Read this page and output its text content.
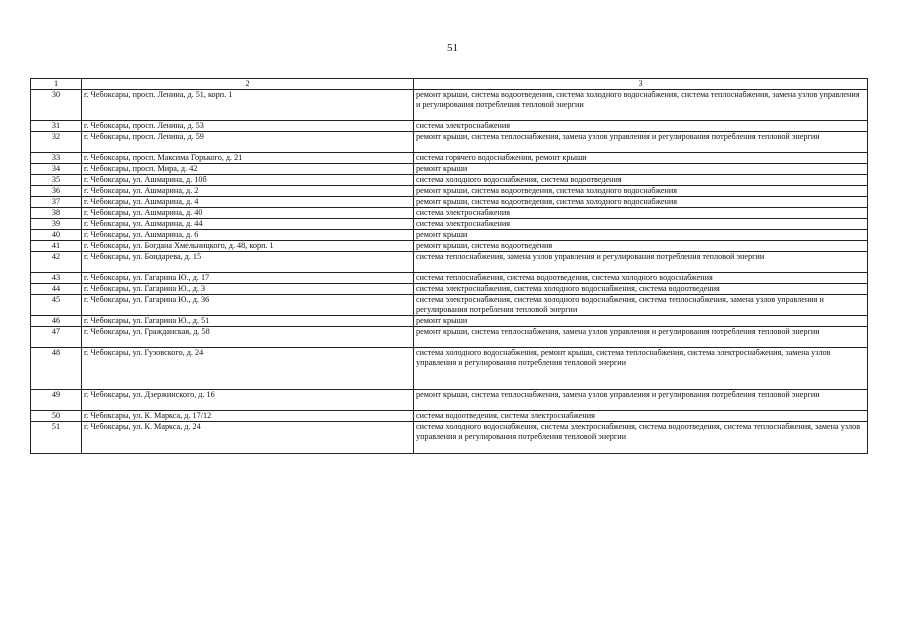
51
1	2	3
30	г. Чебоксары, просп. Ленина, д. 51, корп. 1	ремонт крыши, система водоотведения, система холодного водоснабжения, система теплоснабжения, замена узлов управления и регулирования потребления тепловой энергии
31	г. Чебоксары, просп. Ленина, д. 53	система электроснабжения
32	г. Чебоксары, просп. Ленина, д. 59	ремонт крыши, система теплоснабжения, замена узлов управления и регулирования потребления тепловой энергии
33	г. Чебоксары, просп. Максима Горького, д. 21	система горячего водоснабжения, ремонт крыши
34	г. Чебоксары, просп. Мира, д. 42	ремонт крыши
35	г. Чебоксары, ул. Ашмарина, д. 10б	система холодного водоснабжения, система водоотведения
36	г. Чебоксары, ул. Ашмарина, д. 2	ремонт крыши, система водоотведения, система холодного водоснабжения
37	г. Чебоксары, ул. Ашмарина, д. 4	ремонт крыши, система водоотведения, система холодного водоснабжения
38	г. Чебоксары, ул. Ашмарина, д. 40	система электроснабжения
39	г. Чебоксары, ул. Ашмарина, д. 44	система электроснабжения
40	г. Чебоксары, ул. Ашмарина, д. 6	ремонт крыши
41	г. Чебоксары, ул. Богдана Хмельницкого, д. 48, корп. 1	ремонт крыши, система водоотведения
42	г. Чебоксары, ул. Бондарева, д. 15	система теплоснабжения, замена узлов управления и регулирования потребления тепловой энергии
43	г. Чебоксары, ул. Гагарина Ю., д. 17	система теплоснабжения, система водоотведения, система холодного водоснабжения
44	г. Чебоксары, ул. Гагарина Ю., д. 3	система электроснабжения, система холодного водоснабжения, система водоотведения
45	г. Чебоксары, ул. Гагарина Ю., д. 36	система электроснабжения, система холодного водоснабжения, система теплоснабжения, замена узлов управления и регулирования потребления тепловой энергии
46	г. Чебоксары, ул. Гагарина Ю., д. 51	ремонт крыши
47	г. Чебоксары, ул. Гражданская, д. 58	ремонт крыши, система теплоснабжения, замена узлов управления и регулирования потребления тепловой энергии
48	г. Чебоксары, ул. Гузовского, д. 24	система холодного водоснабжения, ремонт крыши, система теплоснабжения, система электроснабжения, замена узлов управления и регулирования потребления тепловой энергии
49	г. Чебоксары, ул. Дзержинского, д. 16	ремонт крыши, система теплоснабжения, замена узлов управления и регулирования потребления тепловой энергии
50	г. Чебоксары, ул. К. Маркса, д. 17/12	система водоотведения, система электроснабжения
51	г. Чебоксары, ул. К. Маркса, д. 24	система холодного водоснабжения, система электроснабжения, система водоотведения, система теплоснабжения, замена узлов управления и регулирования потребления тепловой энергии
